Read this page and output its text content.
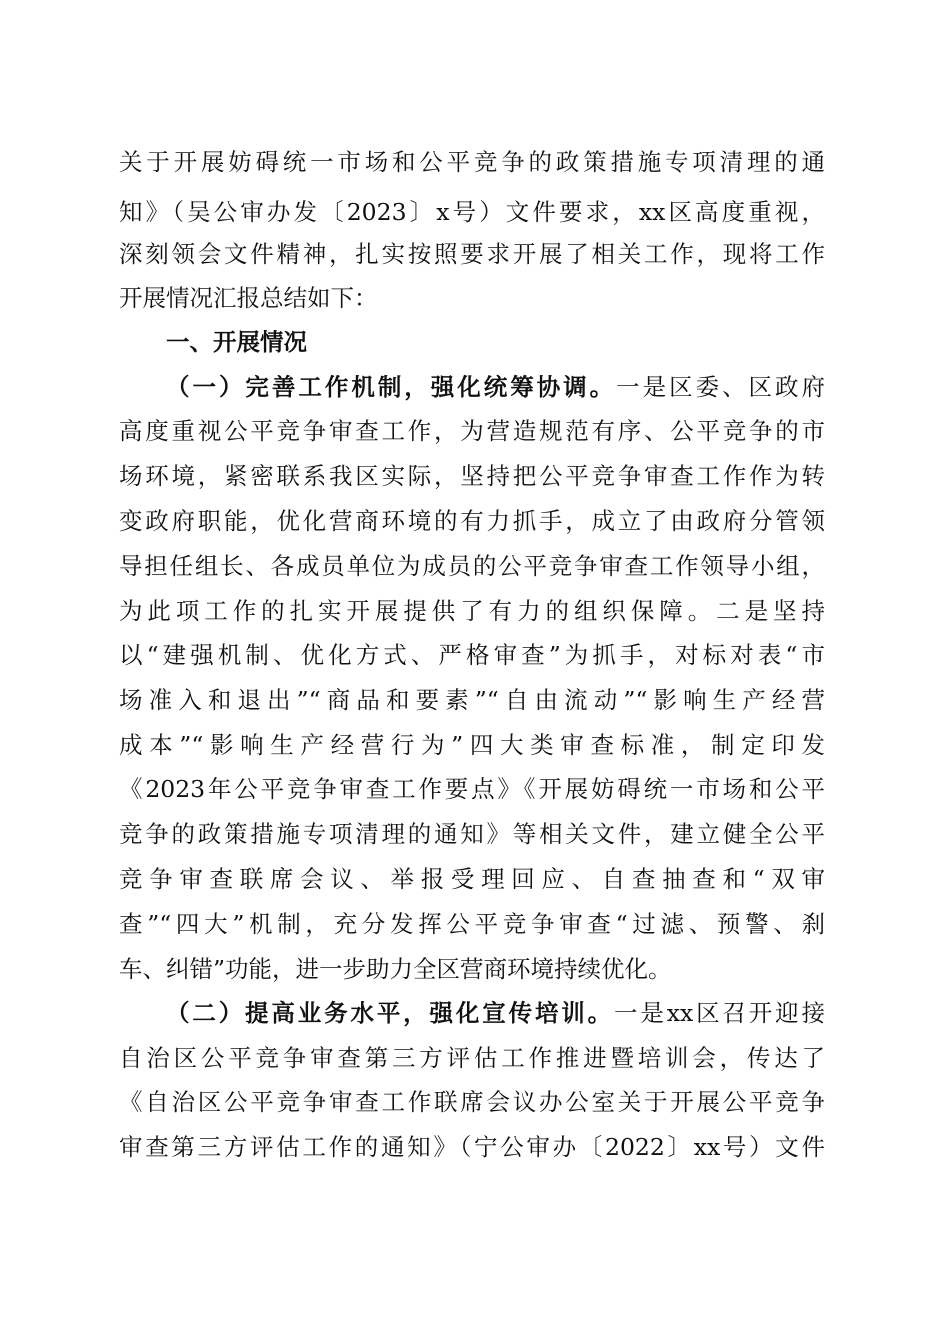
关于开展妨碍统一市场和公平竞争的政策措施专项清理的通
知》（吴公审办发〔2023〕x号）文件要求，xx区高度重视，
深刻领会文件精神，扎实按照要求开展了相关工作，现将工作
开展情况汇报总结如下：
一、开展情况
（一）完善工作机制，强化统筹协调。一是区委、区政府
高度重视公平竞争审查工作，为营造规范有序、公平竞争的市
场环境，紧密联系我区实际，坚持把公平竞争审查工作作为转
变政府职能，优化营商环境的有力抓手，成立了由政府分管领
导担任组长、各成员单位为成员的公平竞争审查工作领导小组，
为此项工作的扎实开展提供了有力的组织保障。二是坚持
以“建强机制、优化方式、严格审查”为抓手，对标对表“市
场准入和退出”“商品和要素”“自由流动”“影响生产经营
成本”“影响生产经营行为”四大类审查标准，制定印发
《2023年公平竞争审查工作要点》《开展妨碍统一市场和公平
竞争的政策措施专项清理的通知》等相关文件，建立健全公平
竞争审查联席会议、举报受理回应、自查抽查和“双审
查”“四大”机制，充分发挥公平竞争审查“过滤、预警、刹
车、纠错”功能，进一步助力全区营商环境持续优化。
（二）提高业务水平，强化宣传培训。一是xx区召开迎接
自治区公平竞争审查第三方评估工作推进暨培训会，传达了
《自治区公平竞争审查工作联席会议办公室关于开展公平竞争
审查第三方评估工作的通知》（宁公审办〔2022〕xx号）文件
